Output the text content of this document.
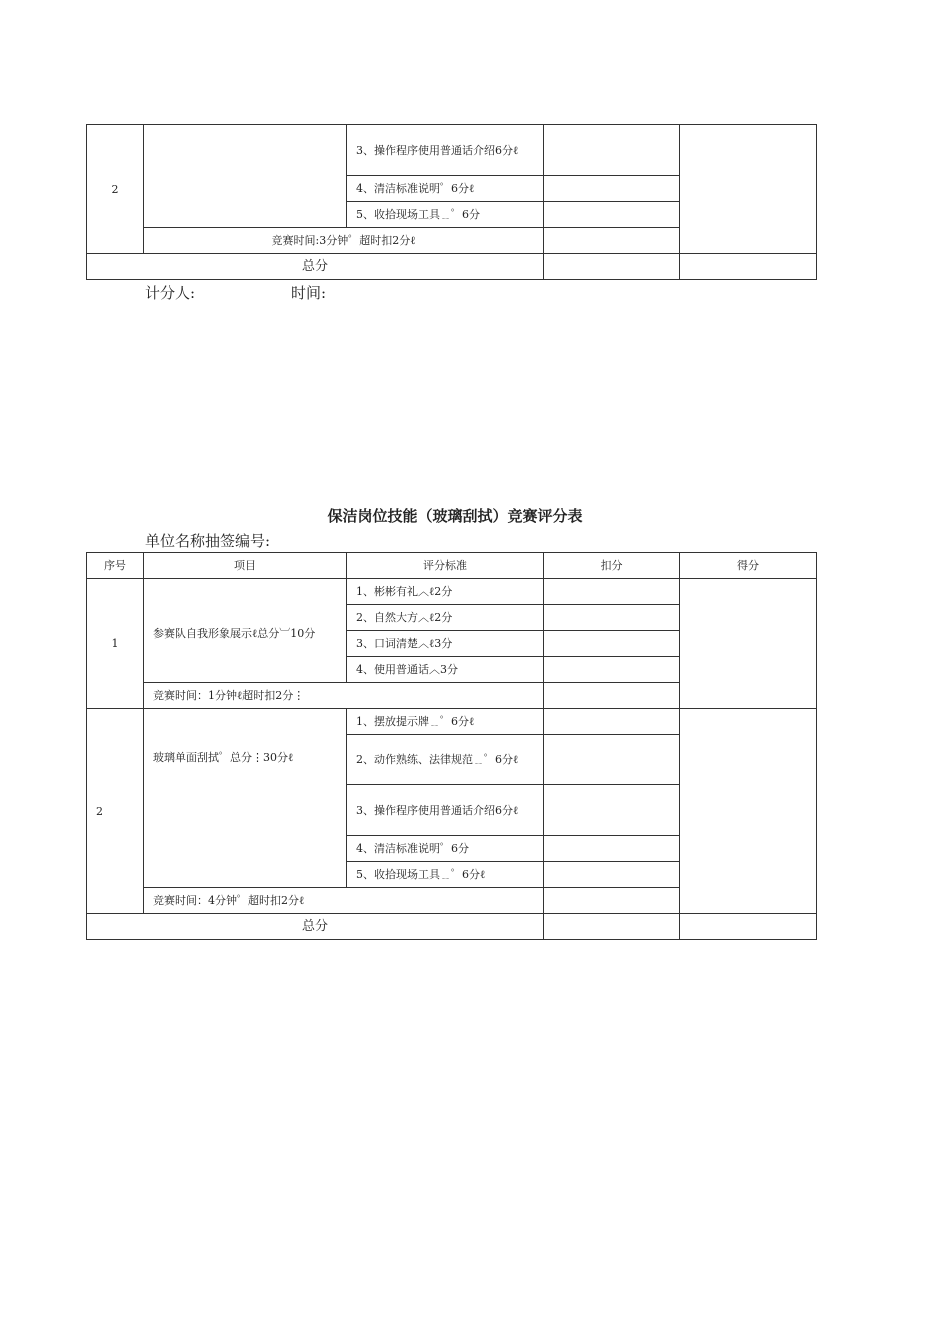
2		3、操作程序使用普通话介绍6分ℓ		
		4、清洁标准说明゜6分ℓ		
		5、收拾现场工具﹎゜6分		
	竞赛时间:3分钟゜超时扣2分ℓ			
总分				
计分人:	时间:
保洁岗位技能（玻璃刮拭）竞赛评分表
单位名称抽签编号:
序号	项目	评分标准	扣分	得分
1	参赛队自我形象展示ℓ总分︺10分	1、彬彬有礼︿ℓ2分		
		2、自然大方︿ℓ2分		
		3、口词清楚︿ℓ3分		
		4、使用普通话︿3分		
	竞赛时间：1分钟ℓ超时扣2分⋮			
2	玻璃单面刮拭゜总分⋮30分ℓ	1、摆放提示牌﹎゜6分ℓ		
		2、动作熟练、法律规范﹎゜6分ℓ		
		3、操作程序使用普通话介绍6分ℓ		
		4、清洁标准说明゜6分		
		5、收拾现场工具﹎゜6分ℓ		
	竞赛时间：4分钟゜超时扣2分ℓ			
总分				
